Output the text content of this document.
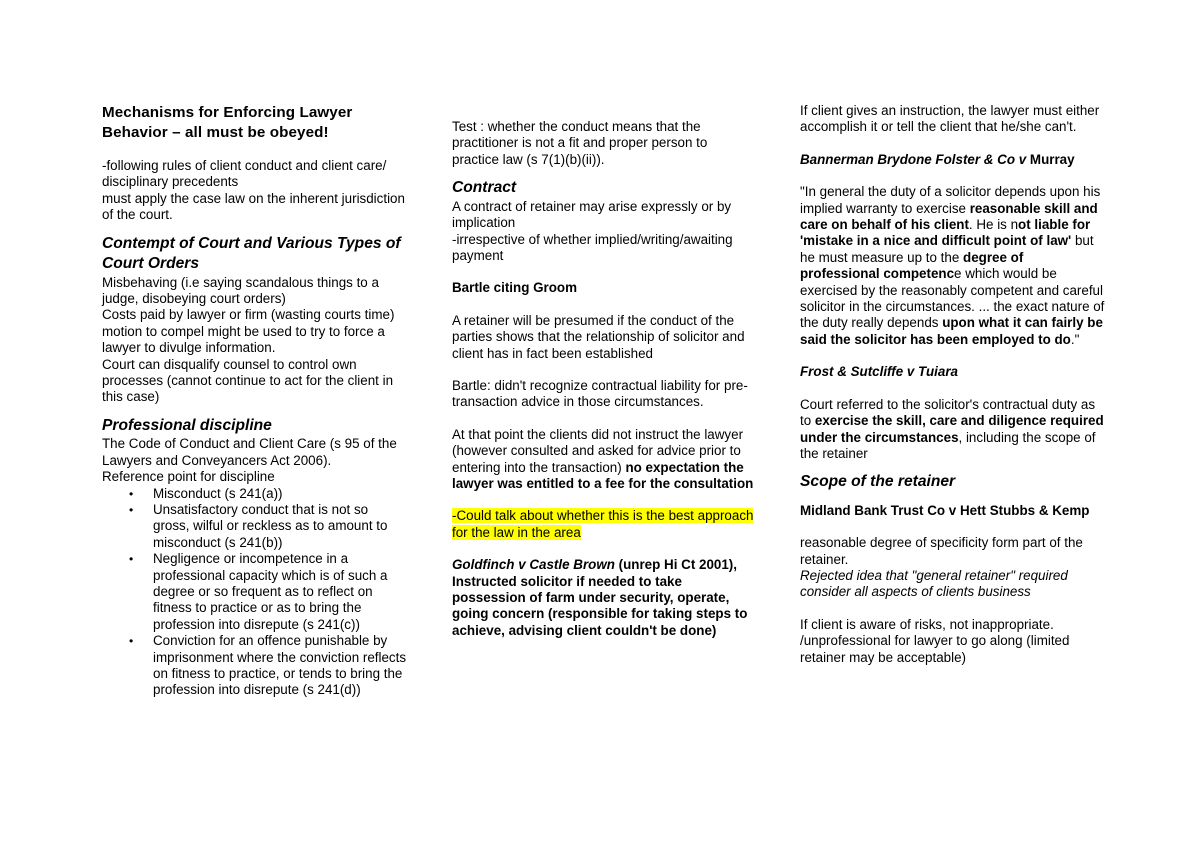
Mechanisms for Enforcing Lawyer Behavior – all must be obeyed!

-following rules of client conduct and client care/ disciplinary precedents

must apply the case law on the inherent jurisdiction of the court.

Contempt of Court and Various Types of Court Orders

Misbehaving (i.e saying scandalous things to a judge, disobeying court orders)

Costs paid by lawyer or firm (wasting courts time)

motion to compel might be used to try to force a lawyer to divulge information.

Court can disqualify counsel to control own processes (cannot continue to act for the client in this case)

Professional discipline

The Code of Conduct and Client Care (s 95 of the Lawyers and Conveyancers Act 2006).

Reference point for discipline

• Misconduct (s 241(a))
• Unsatisfactory conduct that is not so gross, wilful or reckless as to amount to misconduct (s 241(b))
• Negligence or incompetence in a professional capacity which is of such a degree or so frequent as to reflect on fitness to practice or as to bring the profession into disrepute (s 241(c))
• Conviction for an offence punishable by imprisonment where the conviction reflects on fitness to practice, or tends to bring the profession into disrepute (s 241(d))

Test : whether the conduct means that the practitioner is not a fit and proper person to practice law (s 7(1)(b)(ii)).

Contract

A contract of retainer may arise expressly or by implication

-irrespective of whether implied/writing/awaiting payment

Bartle citing Groom

A retainer will be presumed if the conduct of the parties shows that the relationship of solicitor and client has in fact been established

Bartle: didn't recognize contractual liability for pre-transaction advice in those circumstances.

At that point the clients did not instruct the lawyer (however consulted and asked for advice prior to entering into the transaction) no expectation the lawyer was entitled to a fee for the consultation

-Could talk about whether this is the best approach for the law in the area

Goldfinch v Castle Brown (unrep Hi Ct 2001),

Instructed solicitor if needed to take possession of farm under security, operate, going concern (responsible for taking steps to achieve, advising client couldn't be done)

If client gives an instruction, the lawyer must either accomplish it or tell the client that he/she can't.

Bannerman Brydone Folster & Co v Murray

"In general the duty of a solicitor depends upon his implied warranty to exercise reasonable skill and care on behalf of his client. He is not liable for 'mistake in a nice and difficult point of law' but he must measure up to the degree of professional competence which would be exercised by the reasonably competent and careful solicitor in the circumstances. ... the exact nature of the duty really depends upon what it can fairly be said the solicitor has been employed to do."

Frost & Sutcliffe v Tuiara

Court referred to the solicitor's contractual duty as to exercise the skill, care and diligence required under the circumstances, including the scope of the retainer

Scope of the retainer

Midland Bank Trust Co v Hett Stubbs & Kemp

reasonable degree of specificity form part of the retainer.

Rejected idea that "general retainer" required consider all aspects of clients business

If client is aware of risks, not inappropriate. /unprofessional for lawyer to go along (limited retainer may be acceptable)
